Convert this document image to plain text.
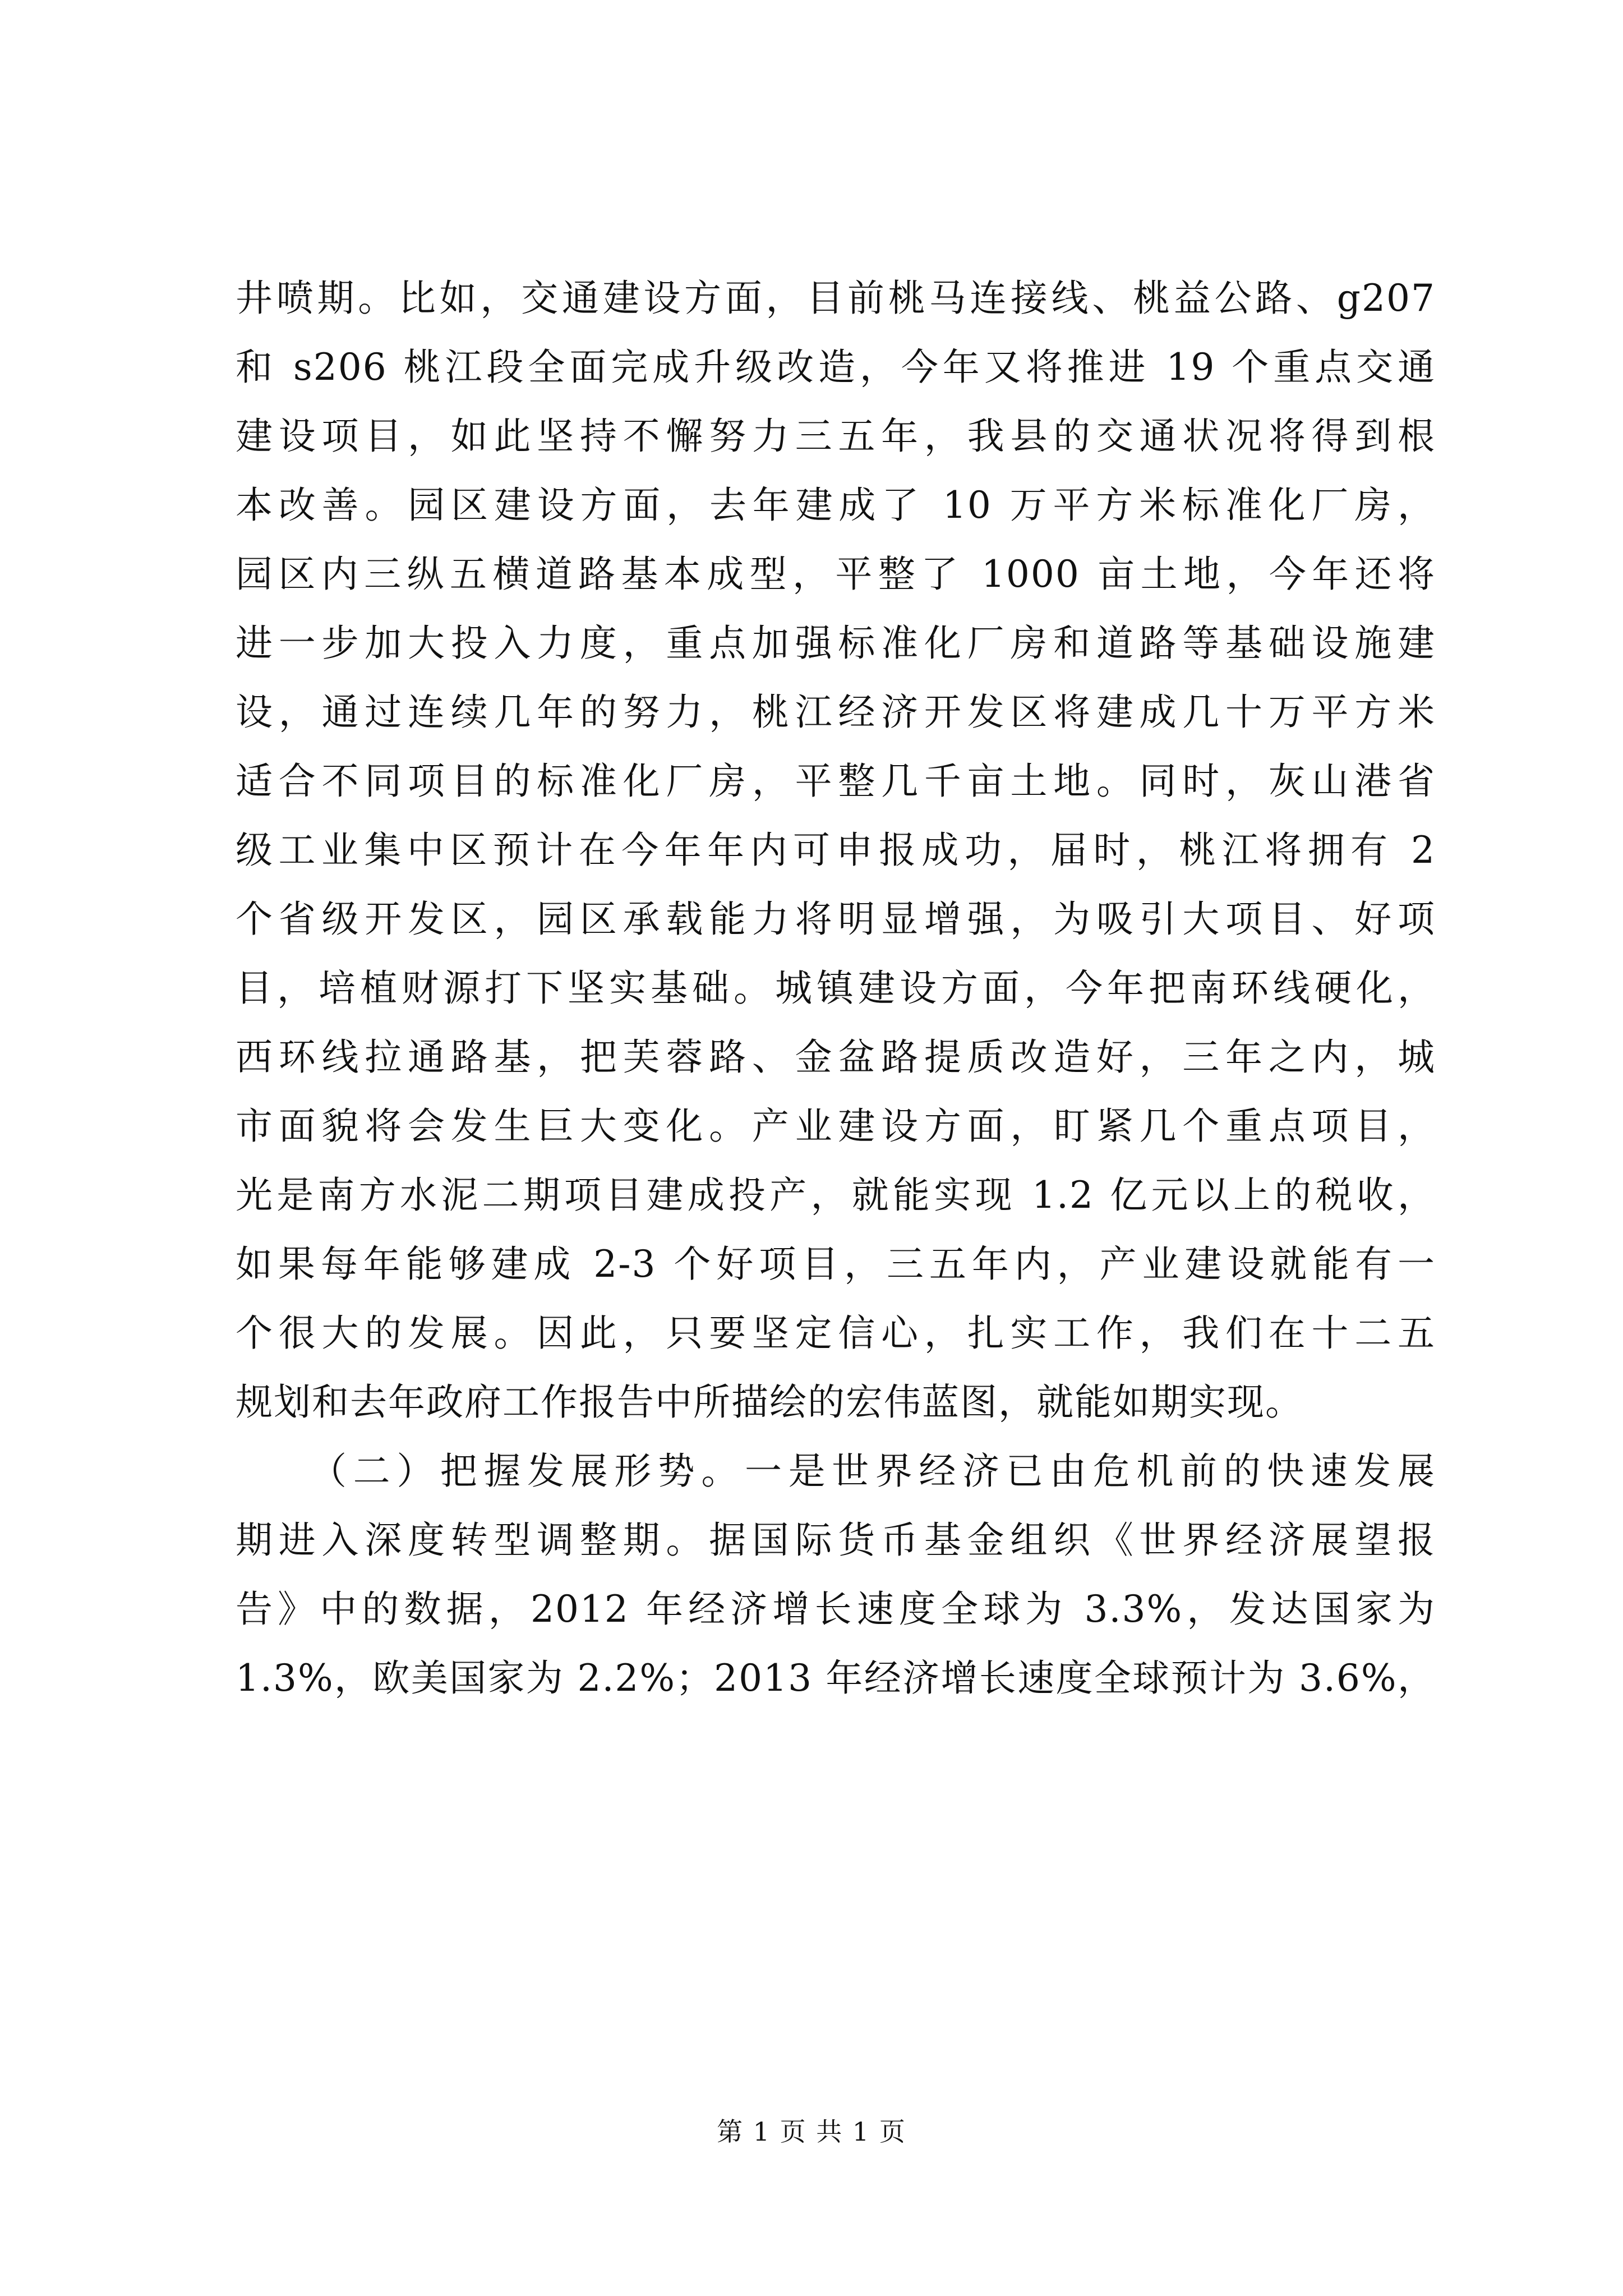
井喷期。比如，交通建设方面，目前桃马连接线、桃益公路、g207
和 s206 桃江段全面完成升级改造，今年又将推进 19 个重点交通
建设项目，如此坚持不懈努力三五年，我县的交通状况将得到根
本改善。园区建设方面，去年建成了 10 万平方米标准化厂房，
园区内三纵五横道路基本成型，平整了 1000 亩土地，今年还将
进一步加大投入力度，重点加强标准化厂房和道路等基础设施建
设，通过连续几年的努力，桃江经济开发区将建成几十万平方米
适合不同项目的标准化厂房，平整几千亩土地。同时，灰山港省
级工业集中区预计在今年年内可申报成功，届时，桃江将拥有 2
个省级开发区，园区承载能力将明显增强，为吸引大项目、好项
目，培植财源打下坚实基础。城镇建设方面，今年把南环线硬化，
西环线拉通路基，把芙蓉路、金盆路提质改造好，三年之内，城
市面貌将会发生巨大变化。产业建设方面，盯紧几个重点项目，
光是南方水泥二期项目建成投产，就能实现 1.2 亿元以上的税收，
如果每年能够建成 2-3 个好项目，三五年内，产业建设就能有一
个很大的发展。因此，只要坚定信心，扎实工作，我们在十二五
规划和去年政府工作报告中所描绘的宏伟蓝图，就能如期实现。
（二）把握发展形势。一是世界经济已由危机前的快速发展
期进入深度转型调整期。据国际货币基金组织《世界经济展望报
告》中的数据，2012 年经济增长速度全球为 3.3%，发达国家为
1.3%，欧美国家为 2.2%；2013 年经济增长速度全球预计为 3.6%，
第 1 页 共 1 页
